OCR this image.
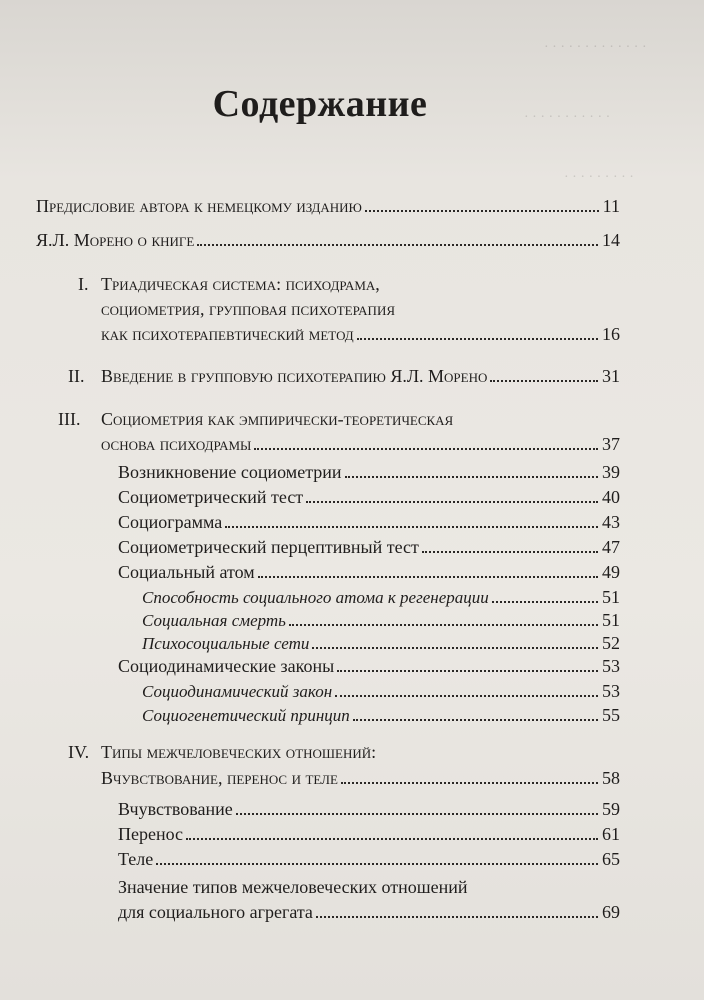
· · · · · · · · · · · · ·
· · · · · · · · · · ·
· · · · · · · · ·
Содержание
Предисловие автора к немецкому изданию	11
Я.Л. Морено о книге	14
I. Триадическая система: психодрама,
социометрия, групповая психотерапия
как психотерапевтический метод	16
II. Введение в групповую психотерапию Я.Л. Морено	31
III. Социометрия как эмпирически-теоретическая
основа психодрамы	37
Возникновение социометрии	39
Социометрический тест	40
Социограмма	43
Социометрический перцептивный тест	47
Социальный атом	49
Способность социального атома к регенерации	51
Социальная смерть	51
Психосоциальные сети	52
Социодинамические законы	53
Социодинамический закон	53
Социогенетический принцип	55
IV. Типы межчеловеческих отношений:
Вчувствование, перенос и теле	58
Вчувствование	59
Перенос	61
Теле	65
Значение типов межчеловеческих отношений
для социального агрегата	69
